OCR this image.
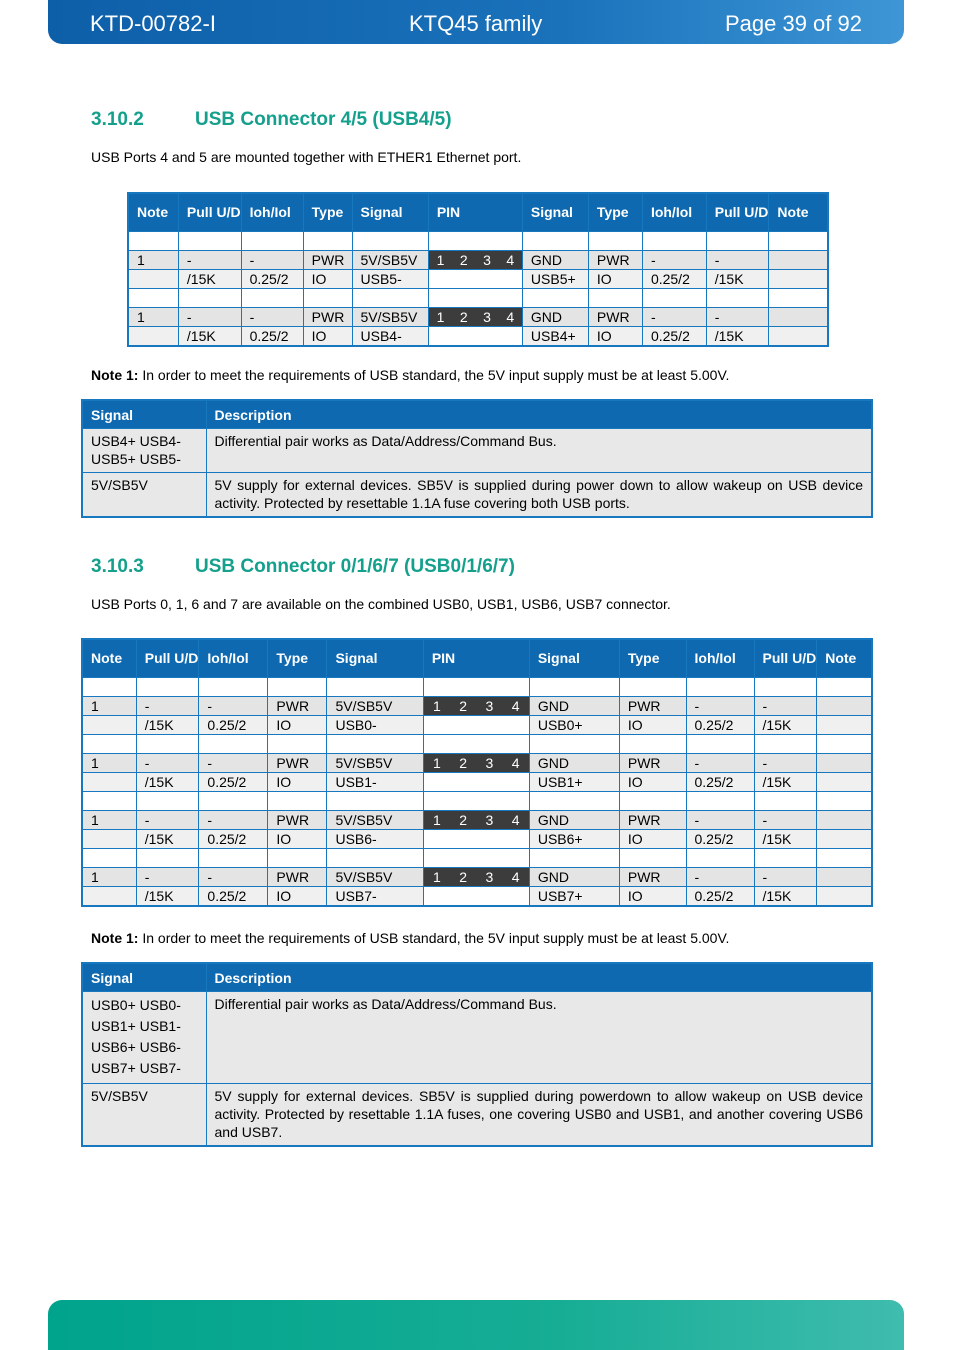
KTD-00782-I	KTQ45 family	Page 39 of 92
3.10.2	USB Connector 4/5 (USB4/5)
USB Ports 4 and 5 are mounted together with ETHER1 Ethernet port.
Note	Pull U/D	Ioh/Iol	Type	Signal	PIN	Signal	Type	Ioh/Iol	Pull U/D	Note

1	-	-	PWR	5V/SB5V	1 2 3 4	GND	PWR	-	-	
	/15K	0.25/2	IO	USB5-		USB5+	IO	0.25/2	/15K	

1	-	-	PWR	5V/SB5V	1 2 3 4	GND	PWR	-	-	
	/15K	0.25/2	IO	USB4-		USB4+	IO	0.25/2	/15K	
Note 1: In order to meet the requirements of USB standard, the 5V input supply must be at least 5.00V.
Signal	Description

USB4+ USB4-
USB5+ USB5-	Differential pair works as Data/Address/Command Bus.

5V/SB5V	5V supply for external devices. SB5V is supplied during power down to allow wakeup on USB device activity. Protected by resettable 1.1A fuse covering both USB ports.
3.10.3	USB Connector 0/1/6/7 (USB0/1/6/7)
USB Ports 0, 1, 6 and 7 are available on the combined USB0, USB1, USB6, USB7 connector.
Note	Pull U/D	Ioh/Iol	Type	Signal	PIN	Signal	Type	Ioh/Iol	Pull U/D	Note

1	-	-	PWR	5V/SB5V	1 2 3 4	GND	PWR	-	-	
	/15K	0.25/2	IO	USB0-		USB0+	IO	0.25/2	/15K	

1	-	-	PWR	5V/SB5V	1 2 3 4	GND	PWR	-	-	
	/15K	0.25/2	IO	USB1-		USB1+	IO	0.25/2	/15K	

1	-	-	PWR	5V/SB5V	1 2 3 4	GND	PWR	-	-	
	/15K	0.25/2	IO	USB6-		USB6+	IO	0.25/2	/15K	

1	-	-	PWR	5V/SB5V	1 2 3 4	GND	PWR	-	-	
	/15K	0.25/2	IO	USB7-		USB7+	IO	0.25/2	/15K	
Note 1: In order to meet the requirements of USB standard, the 5V input supply must be at least 5.00V.
Signal	Description

USB0+ USB0-
USB1+ USB1-
USB6+ USB6-
USB7+ USB7-	Differential pair works as Data/Address/Command Bus.

5V/SB5V	5V supply for external devices. SB5V is supplied during powerdown to allow wakeup on USB device activity. Protected by resettable 1.1A fuses, one covering USB0 and USB1, and another covering USB6 and USB7.
